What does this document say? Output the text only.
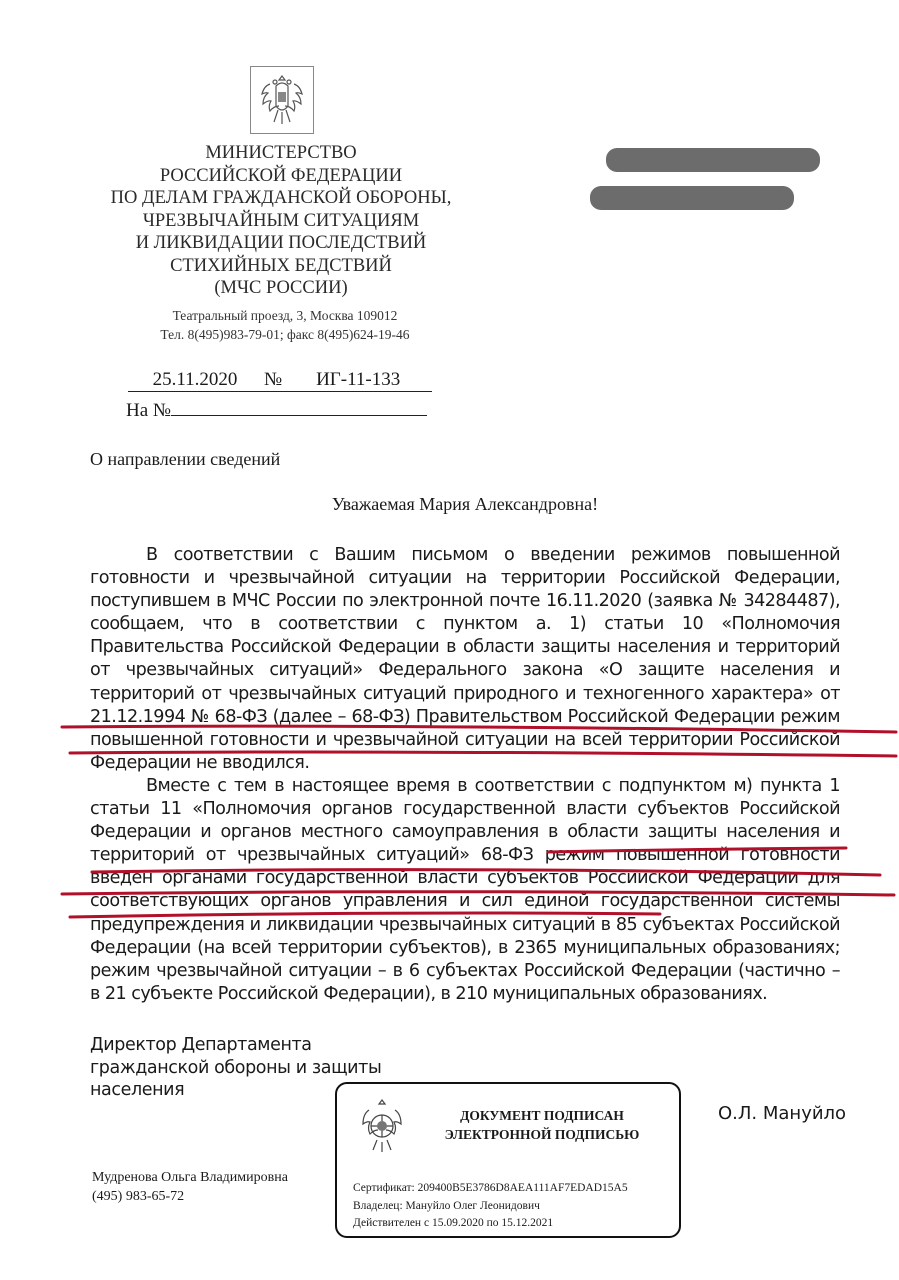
МИНИСТЕРСТВО
РОССИЙСКОЙ ФЕДЕРАЦИИ
ПО ДЕЛАМ ГРАЖДАНСКОЙ ОБОРОНЫ,
ЧРЕЗВЫЧАЙНЫМ СИТУАЦИЯМ
И ЛИКВИДАЦИИ ПОСЛЕДСТВИЙ
СТИХИЙНЫХ БЕДСТВИЙ
(МЧС РОССИИ)
Театральный проезд, 3, Москва 109012
Тел. 8(495)983-79-01; факс 8(495)624-19-46
25.11.2020 № ИГ-11-133
На №
О направлении сведений
Уважаемая Мария Александровна!

В соответствии с Вашим письмом о введении режимов повышенной готовности и чрезвычайной ситуации на территории Российской Федерации, поступившем в МЧС России по электронной почте 16.11.2020 (заявка № 34284487), сообщаем, что в соответствии с пунктом а. 1) статьи 10 «Полномочия Правительства Российской Федерации в области защиты населения и территорий от чрезвычайных ситуаций» Федерального закона «О защите населения и территорий от чрезвычайных ситуаций природного и техногенного характера» от 21.12.1994 № 68-ФЗ (далее – 68-ФЗ) Правительством Российской Федерации режим повышенной готовности и чрезвычайной ситуации на всей территории Российской Федерации не вводился.

Вместе с тем в настоящее время в соответствии с подпунктом м) пункта 1 статьи 11 «Полномочия органов государственной власти субъектов Российской Федерации и органов местного самоуправления в области защиты населения и территорий от чрезвычайных ситуаций» 68-ФЗ режим повышенной готовности введен органами государственной власти субъектов Российской Федерации для соответствующих органов управления и сил единой государственной системы предупреждения и ликвидации чрезвычайных ситуаций в 85 субъектах Российской Федерации (на всей территории субъектов), в 2365 муниципальных образованиях; режим чрезвычайной ситуации – в 6 субъектах Российской Федерации (частично – в 21 субъекте Российской Федерации), в 210 муниципальных образованиях.

Директор Департамента
гражданской обороны и защиты
населения
ДОКУМЕНТ ПОДПИСАН
ЭЛЕКТРОННОЙ ПОДПИСЬЮ
Сертификат: 209400B5E3786D8AEA111AF7EDAD15A5
Владелец: Мануйло Олег Леонидович
Действителен с 15.09.2020 по 15.12.2021
О.Л. Мануйло
Мудренова Ольга Владимировна
(495) 983-65-72
